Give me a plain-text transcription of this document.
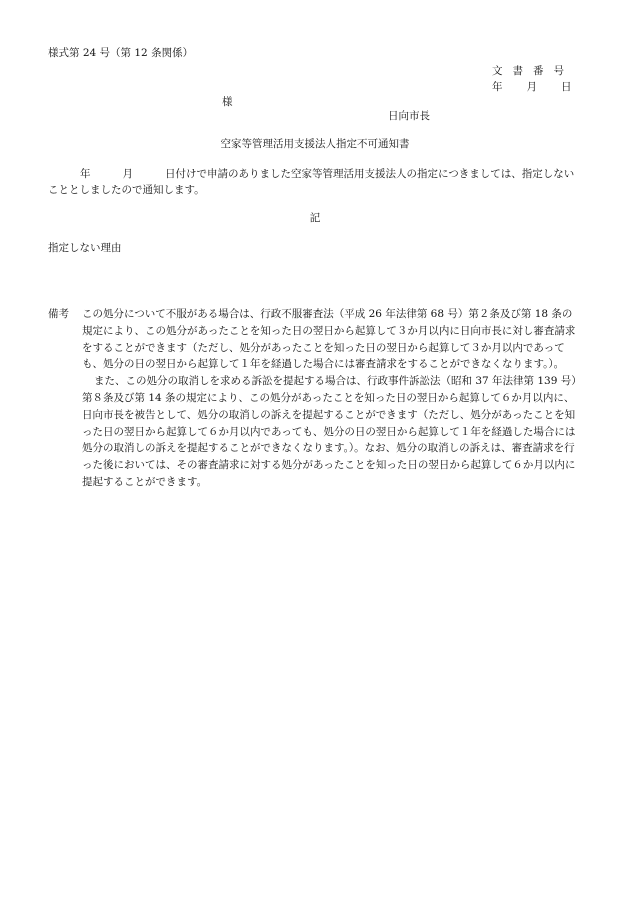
様式第 24 号（第 12 条関係）
文書番号
年 月 日
様
日向市長
空家等管理活用支援法人指定不可通知書
年	月	日付けで申請のありました空家等管理活用支援法人の指定につきましては、指定しないこととしましたので通知します。
記
指定しない理由
備考	この処分について不服がある場合は、行政不服審査法（平成 26 年法律第 68 号）第２条及び第 18 条の規定により、この処分があったことを知った日の翌日から起算して３か月以内に日向市長に対し審査請求をすることができます（ただし、処分があったことを知った日の翌日から起算して３か月以内であっても、処分の日の翌日から起算して１年を経過した場合には審査請求をすることができなくなります。）。

また、この処分の取消しを求める訴訟を提起する場合は、行政事件訴訟法（昭和 37 年法律第 139 号）第８条及び第 14 条の規定により、この処分があったことを知った日の翌日から起算して６か月以内に、日向市長を被告として、処分の取消しの訴えを提起することができます（ただし、処分があったことを知った日の翌日から起算して６か月以内であっても、処分の日の翌日から起算して１年を経過した場合には処分の取消しの訴えを提起することができなくなります。）。なお、処分の取消しの訴えは、審査請求を行った後においては、その審査請求に対する処分があったことを知った日の翌日から起算して６か月以内に提起することができます。
